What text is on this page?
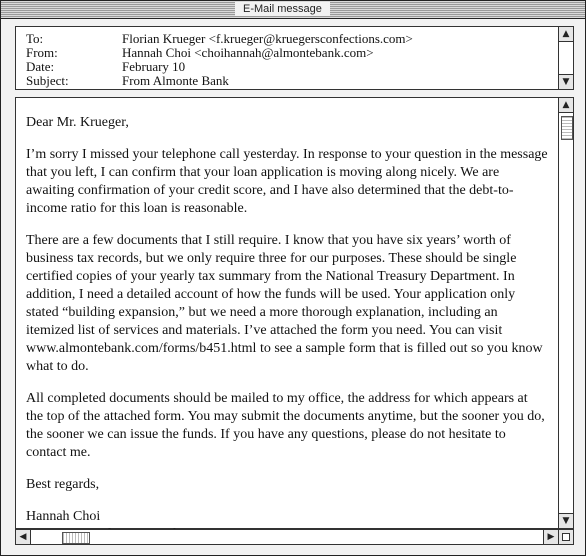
E-Mail message
To:	Florian Krueger <f.krueger@kruegersconfections.com>
From:	Hannah Choi <choihannah@almontebank.com>
Date:	February 10
Subject:	From Almonte Bank
▲
▼

Dear Mr. Krueger,

I’m sorry I missed your telephone call yesterday. In response to your question in the message that you left, I can confirm that your loan application is moving along nicely. We are awaiting confirmation of your credit score, and I have also determined that the debt-to-income ratio for this loan is reasonable.

There are a few documents that I still require. I know that you have six years’ worth of business tax records, but we only require three for our purposes. These should be single certified copies of your yearly tax summary from the National Treasury Department. In addition, I need a detailed account of how the funds will be used. Your application only stated “building expansion,” but we need a more thorough explanation, including an itemized list of services and materials. I’ve attached the form you need. You can visit www.almontebank.com/forms/b451.html to see a sample form that is filled out so you know what to do.

All completed documents should be mailed to my office, the address for which appears at the top of the attached form. You may submit the documents anytime, but the sooner you do, the sooner we can issue the funds. If you have any questions, please do not hesitate to contact me.

Best regards,

Hannah Choi

▲
▼
◀	▶
